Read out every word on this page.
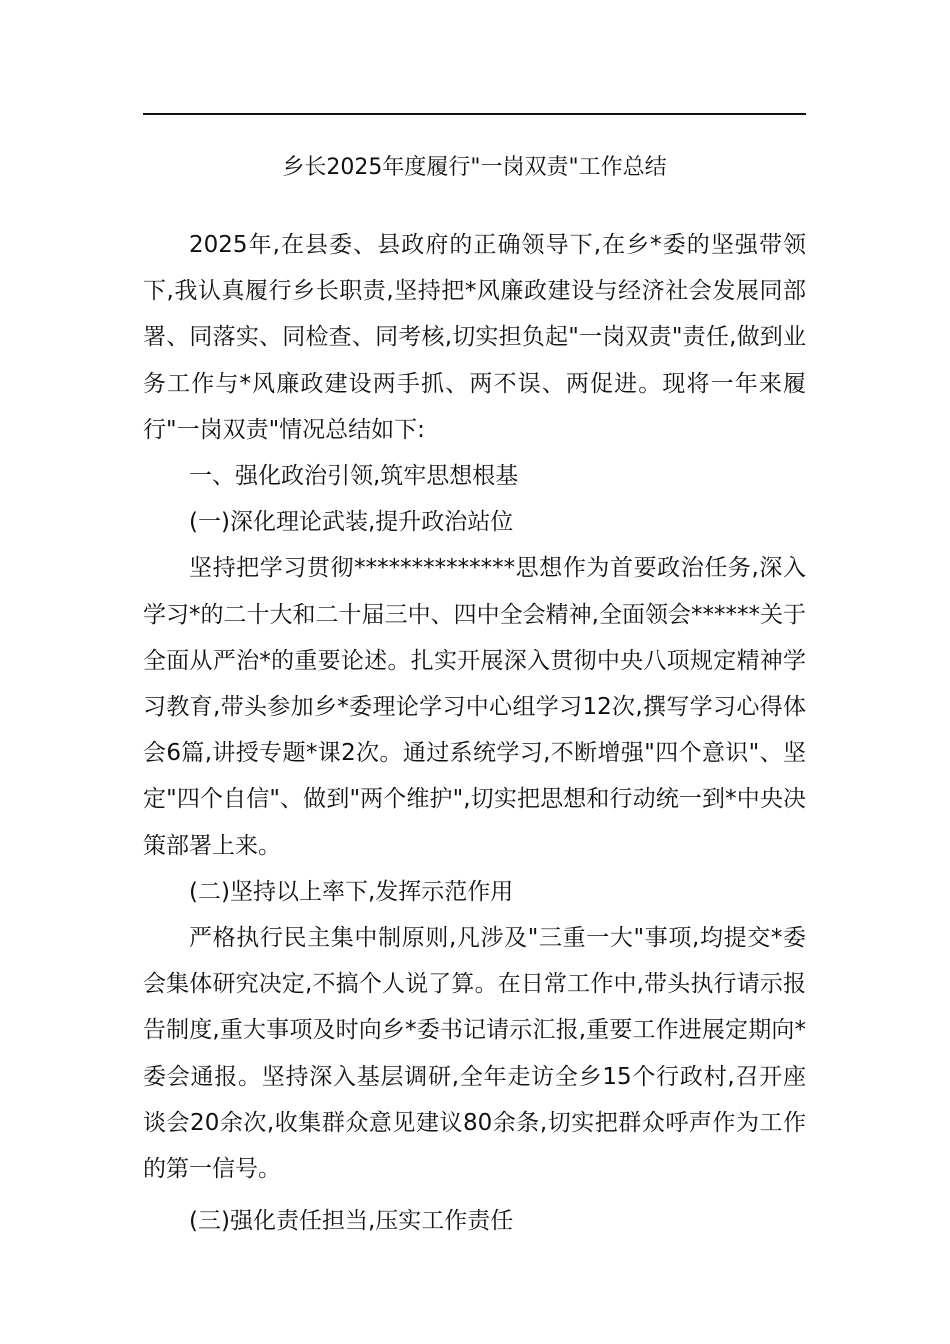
乡长2025年度履行"一岗双责"工作总结

2025年,在县委、县政府的正确领导下,在乡*委的坚强带领下,我认真履行乡长职责,坚持把*风廉政建设与经济社会发展同部署、同落实、同检查、同考核,切实担负起"一岗双责"责任,做到业务工作与*风廉政建设两手抓、两不误、两促进。现将一年来履行"一岗双责"情况总结如下:

一、强化政治引领,筑牢思想根基

(一)深化理论武装,提升政治站位

坚持把学习贯彻**************思想作为首要政治任务,深入学习*的二十大和二十届三中、四中全会精神,全面领会******关于全面从严治*的重要论述。扎实开展深入贯彻中央八项规定精神学习教育,带头参加乡*委理论学习中心组学习12次,撰写学习心得体会6篇,讲授专题*课2次。通过系统学习,不断增强"四个意识"、坚定"四个自信"、做到"两个维护",切实把思想和行动统一到*中央决策部署上来。

(二)坚持以上率下,发挥示范作用

严格执行民主集中制原则,凡涉及"三重一大"事项,均提交*委会集体研究决定,不搞个人说了算。在日常工作中,带头执行请示报告制度,重大事项及时向乡*委书记请示汇报,重要工作进展定期向*委会通报。坚持深入基层调研,全年走访全乡15个行政村,召开座谈会20余次,收集群众意见建议80余条,切实把群众呼声作为工作的第一信号。

(三)强化责任担当,压实工作责任
